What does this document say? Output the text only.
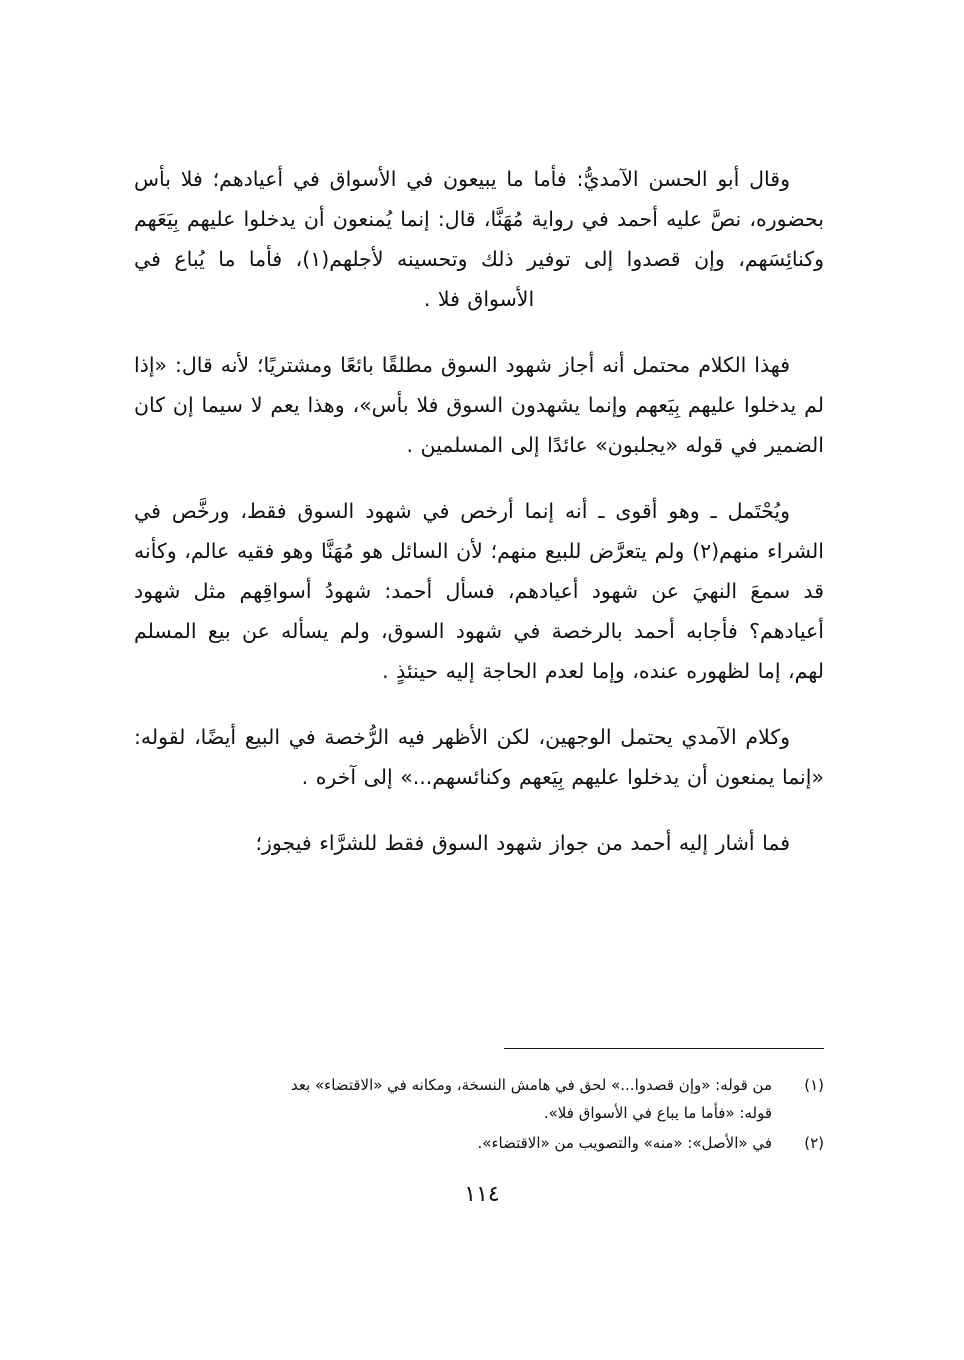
وقال أبو الحسن الآمديُّ: فأما ما يبيعون في الأسواق في أعيادهم؛ فلا بأس بحضوره، نصَّ عليه أحمد في رواية مُهَنَّا، قال: إنما يُمنعون أن يدخلوا عليهم بِيَعَهم وكنائِسَهم، وإن قصدوا إلى توفير ذلك وتحسينه لأجلهم(١)، فأما ما يُباع في الأسواق فلا .

فهذا الكلام محتمل أنه أجاز شهود السوق مطلقًا بائعًا ومشتريًا؛ لأنه قال: «إذا لم يدخلوا عليهم بِيَعهم وإنما يشهدون السوق فلا بأس»، وهذا يعم لا سيما إن كان الضمير في قوله «يجلبون» عائدًا إلى المسلمين .

ويُحْتَمل ـ وهو أقوى ـ أنه إنما أرخص في شهود السوق فقط، ورخَّص في الشراء منهم(٢) ولم يتعرَّض للبيع منهم؛ لأن السائل هو مُهَنَّا وهو فقيه عالم، وكأنه قد سمعَ النهيَ عن شهود أعيادهم، فسأل أحمد: شهودُ أسواقِهم مثل شهود أعيادهم؟ فأجابه أحمد بالرخصة في شهود السوق، ولم يسأله عن بيع المسلم لهم، إما لظهوره عنده، وإما لعدم الحاجة إليه حينئذٍ .

وكلام الآمدي يحتمل الوجهين، لكن الأظهر فيه الرُّخصة في البيع أيضًا، لقوله: «إنما يمنعون أن يدخلوا عليهم بِيَعهم وكنائسهم...» إلى آخره .

فما أشار إليه أحمد من جواز شهود السوق فقط للشرَّاء فيجوز؛

(١)
من قوله: «وإن قصدوا...» لحق في هامش النسخة، ومكانه في «الاقتضاء» بعد
قوله: «فأما ما يباع في الأسواق فلا».
(٢)
في «الأصل»: «منه» والتصويب من «الاقتضاء».
١١٤
